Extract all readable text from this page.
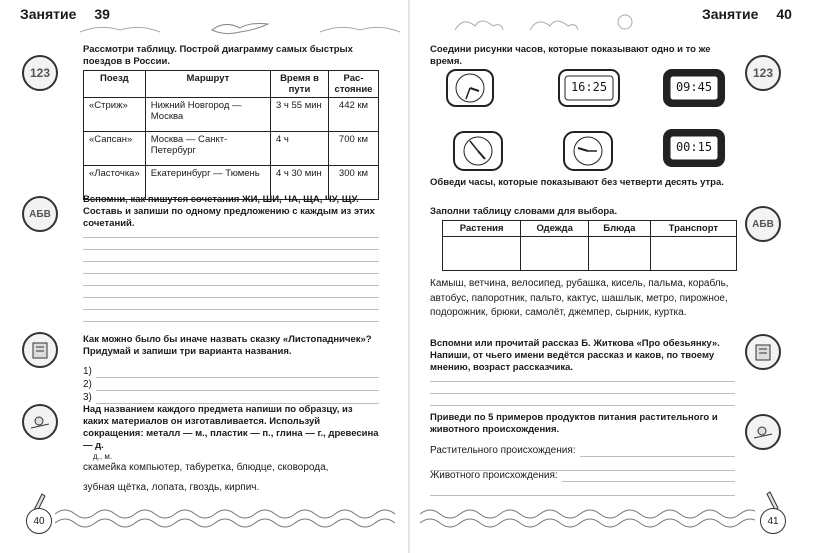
Занятие 39
123
Рассмотри таблицу. Построй диаграмму самых быстрых поездов в России.
Поезд	Маршрут	Время в пути	Рас-стояние
«Стриж»	Нижний Новгород — Москва	3 ч 55 мин	442 км
«Сапсан»	Москва — Санкт-Петербург	4 ч	700 км
«Ласточка»	Екатеринбург — Тюмень	4 ч 30 мин	300 км
АБВ
Вспомни, как пишутся сочетания ЖИ, ШИ, ЧА, ЩА, ЧУ, ЩУ. Составь и запиши по одному предложению с каждым из этих сочетаний.
Как можно было бы иначе назвать сказку «Листопадничек»? Придумай и запиши три варианта названия.
1)
2)
3)
Над названием каждого предмета напиши по образцу, из каких материалов он изготавливается. Используй сокращения: металл — м., пластик — п., глина — г., древесина — д.
д., м.
скамейка компьютер, табуретка, блюдце, сковорода,
зубная щётка, лопата, гвоздь, кирпич.
40
Занятие 40
123
Соедини рисунки часов, которые показывают одно и то же время.
16:25	09:45
00:15
Обведи часы, которые показывают без четверти десять утра.
АБВ
Заполни таблицу словами для выбора.
Растения	Одежда	Блюда	Транспорт

Камыш, ветчина, велосипед, рубашка, кисель, пальма, корабль, автобус, папоротник, пальто, кактус, шашлык, метро, пирожное, подорожник, брюки, самолёт, джемпер, сырник, куртка.
Вспомни или прочитай рассказ Б. Житкова «Про обезьянку». Напиши, от чьего имени ведётся рассказ и каков, по твоему мнению, возраст рассказчика.
Приведи по 5 примеров продуктов питания растительного и животного происхождения.
Растительного происхождения:
Животного происхождения:
41
